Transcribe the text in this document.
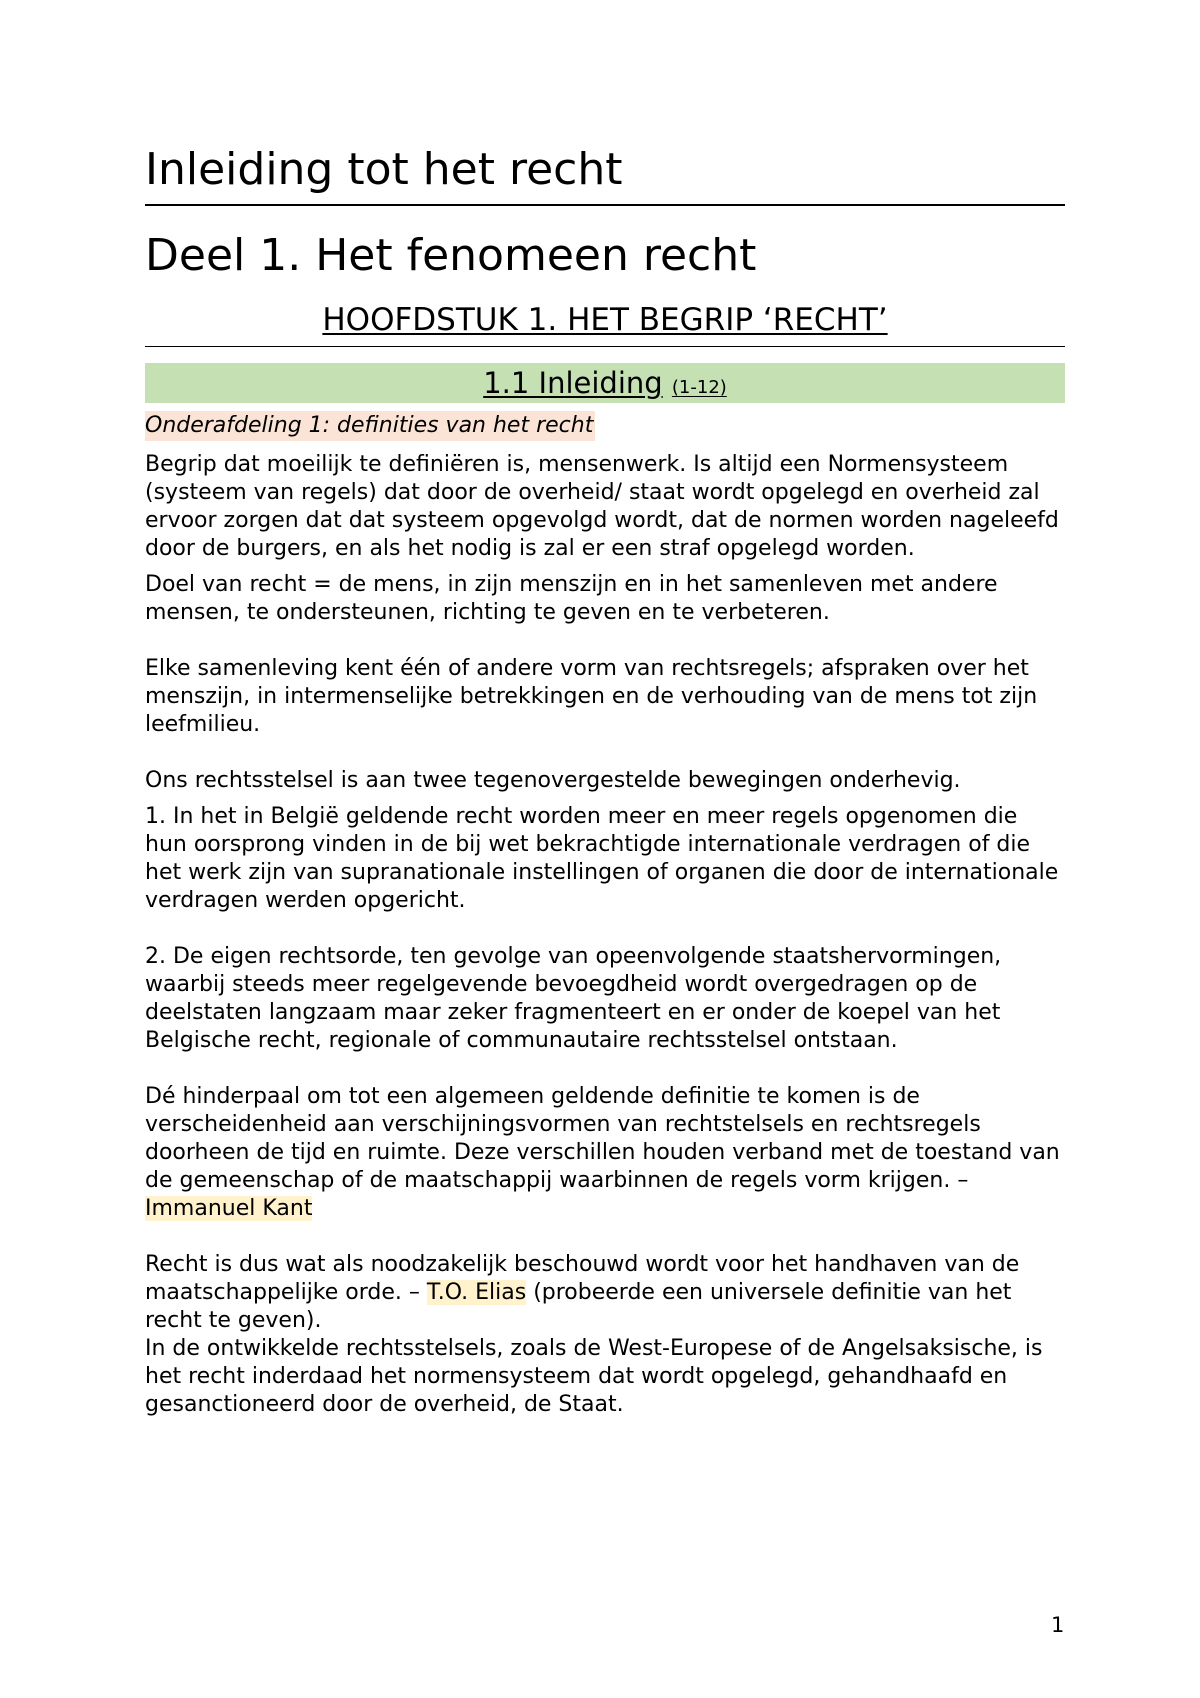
Inleiding tot het recht
Deel 1. Het fenomeen recht
HOOFDSTUK 1. HET BEGRIP ‘RECHT’
1.1 Inleiding (1-12)
Onderafdeling 1: definities van het recht

Begrip dat moeilijk te definiëren is, mensenwerk. Is altijd een Normensysteem (systeem van regels) dat door de overheid/ staat wordt opgelegd en overheid zal ervoor zorgen dat dat systeem opgevolgd wordt, dat de normen worden nageleefd door de burgers, en als het nodig is zal er een straf opgelegd worden.

Doel van recht = de mens, in zijn menszijn en in het samenleven met andere mensen, te ondersteunen, richting te geven en te verbeteren.

Elke samenleving kent één of andere vorm van rechtsregels; afspraken over het menszijn, in intermenselijke betrekkingen en de verhouding van de mens tot zijn leefmilieu.

Ons rechtsstelsel is aan twee tegenovergestelde bewegingen onderhevig.

1. In het in België geldende recht worden meer en meer regels opgenomen die hun oorsprong vinden in de bij wet bekrachtigde internationale verdragen of die het werk zijn van supranationale instellingen of organen die door de internationale verdragen werden opgericht.

2. De eigen rechtsorde, ten gevolge van opeenvolgende staatshervormingen, waarbij steeds meer regelgevende bevoegdheid wordt overgedragen op de deelstaten langzaam maar zeker fragmenteert en er onder de koepel van het Belgische recht, regionale of communautaire rechtsstelsel ontstaan.

Dé hinderpaal om tot een algemeen geldende definitie te komen is de verscheidenheid aan verschijningsvormen van rechtstelsels en rechtsregels doorheen de tijd en ruimte. Deze verschillen houden verband met de toestand van de gemeenschap of de maatschappij waarbinnen de regels vorm krijgen. – Immanuel Kant

Recht is dus wat als noodzakelijk beschouwd wordt voor het handhaven van de maatschappelijke orde. – T.O. Elias (probeerde een universele definitie van het recht te geven).

In de ontwikkelde rechtsstelsels, zoals de West-Europese of de Angelsaksische, is het recht inderdaad het normensysteem dat wordt opgelegd, gehandhaafd en gesanctioneerd door de overheid, de Staat.

1
